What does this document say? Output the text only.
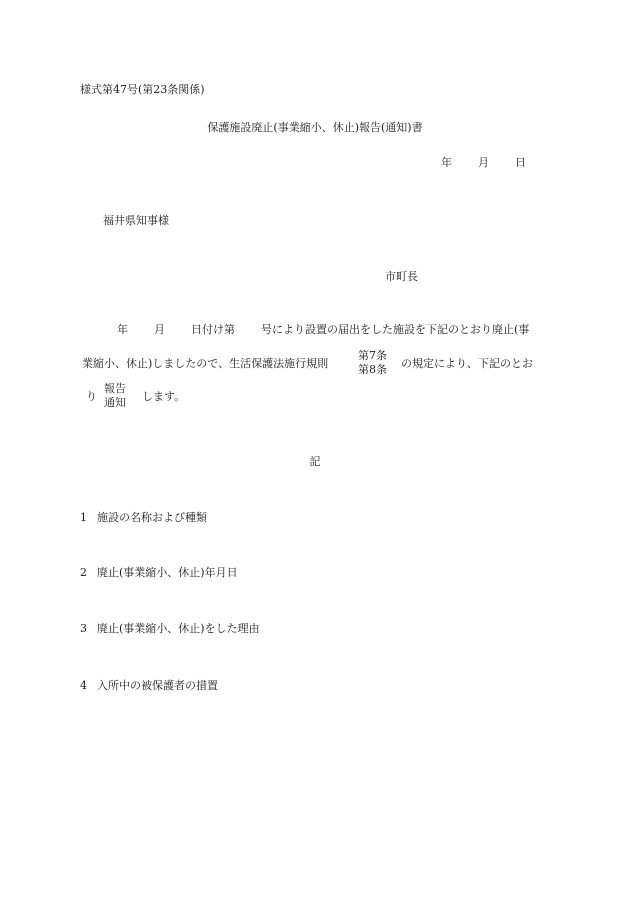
様式第47号(第23条関係)
保護施設廃止(事業縮小、休止)報告(通知)書
年 月 日
福井県知事様
市町長
年 月 日付け第 号により設置の届出をした施設を下記のとおり廃止(事
業縮小、休止)しましたので、生活保護法施行規則
第7条
第8条 の規定により、下記のとお
り
報告
通知 します。
記
1 施設の名称および種類
2 廃止(事業縮小、休止)年月日
3 廃止(事業縮小、休止)をした理由
4 入所中の被保護者の措置
